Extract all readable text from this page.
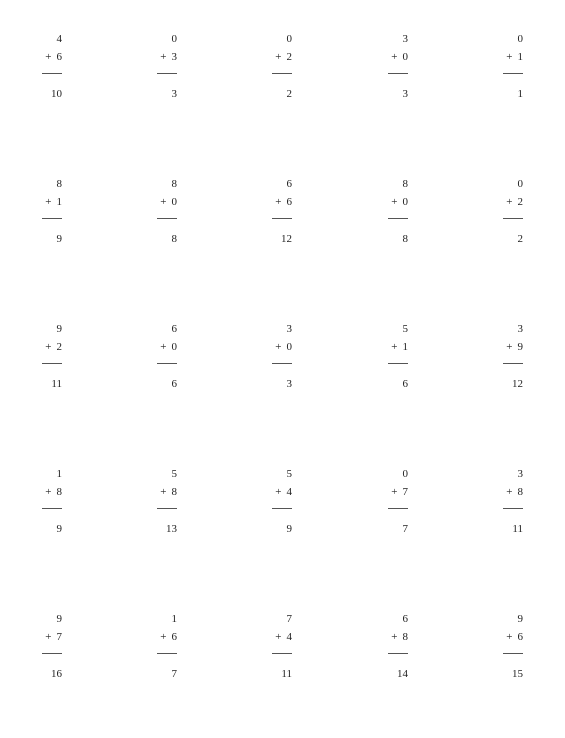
4
+ 6
10
0
+ 3
3
0
+ 2
2
3
+ 0
3
0
+ 1
1
8
+ 1
9
8
+ 0
8
6
+ 6
12
8
+ 0
8
0
+ 2
2
9
+ 2
11
6
+ 0
6
3
+ 0
3
5
+ 1
6
3
+ 9
12
1
+ 8
9
5
+ 8
13
5
+ 4
9
0
+ 7
7
3
+ 8
11
9
+ 7
16
1
+ 6
7
7
+ 4
11
6
+ 8
14
9
+ 6
15
